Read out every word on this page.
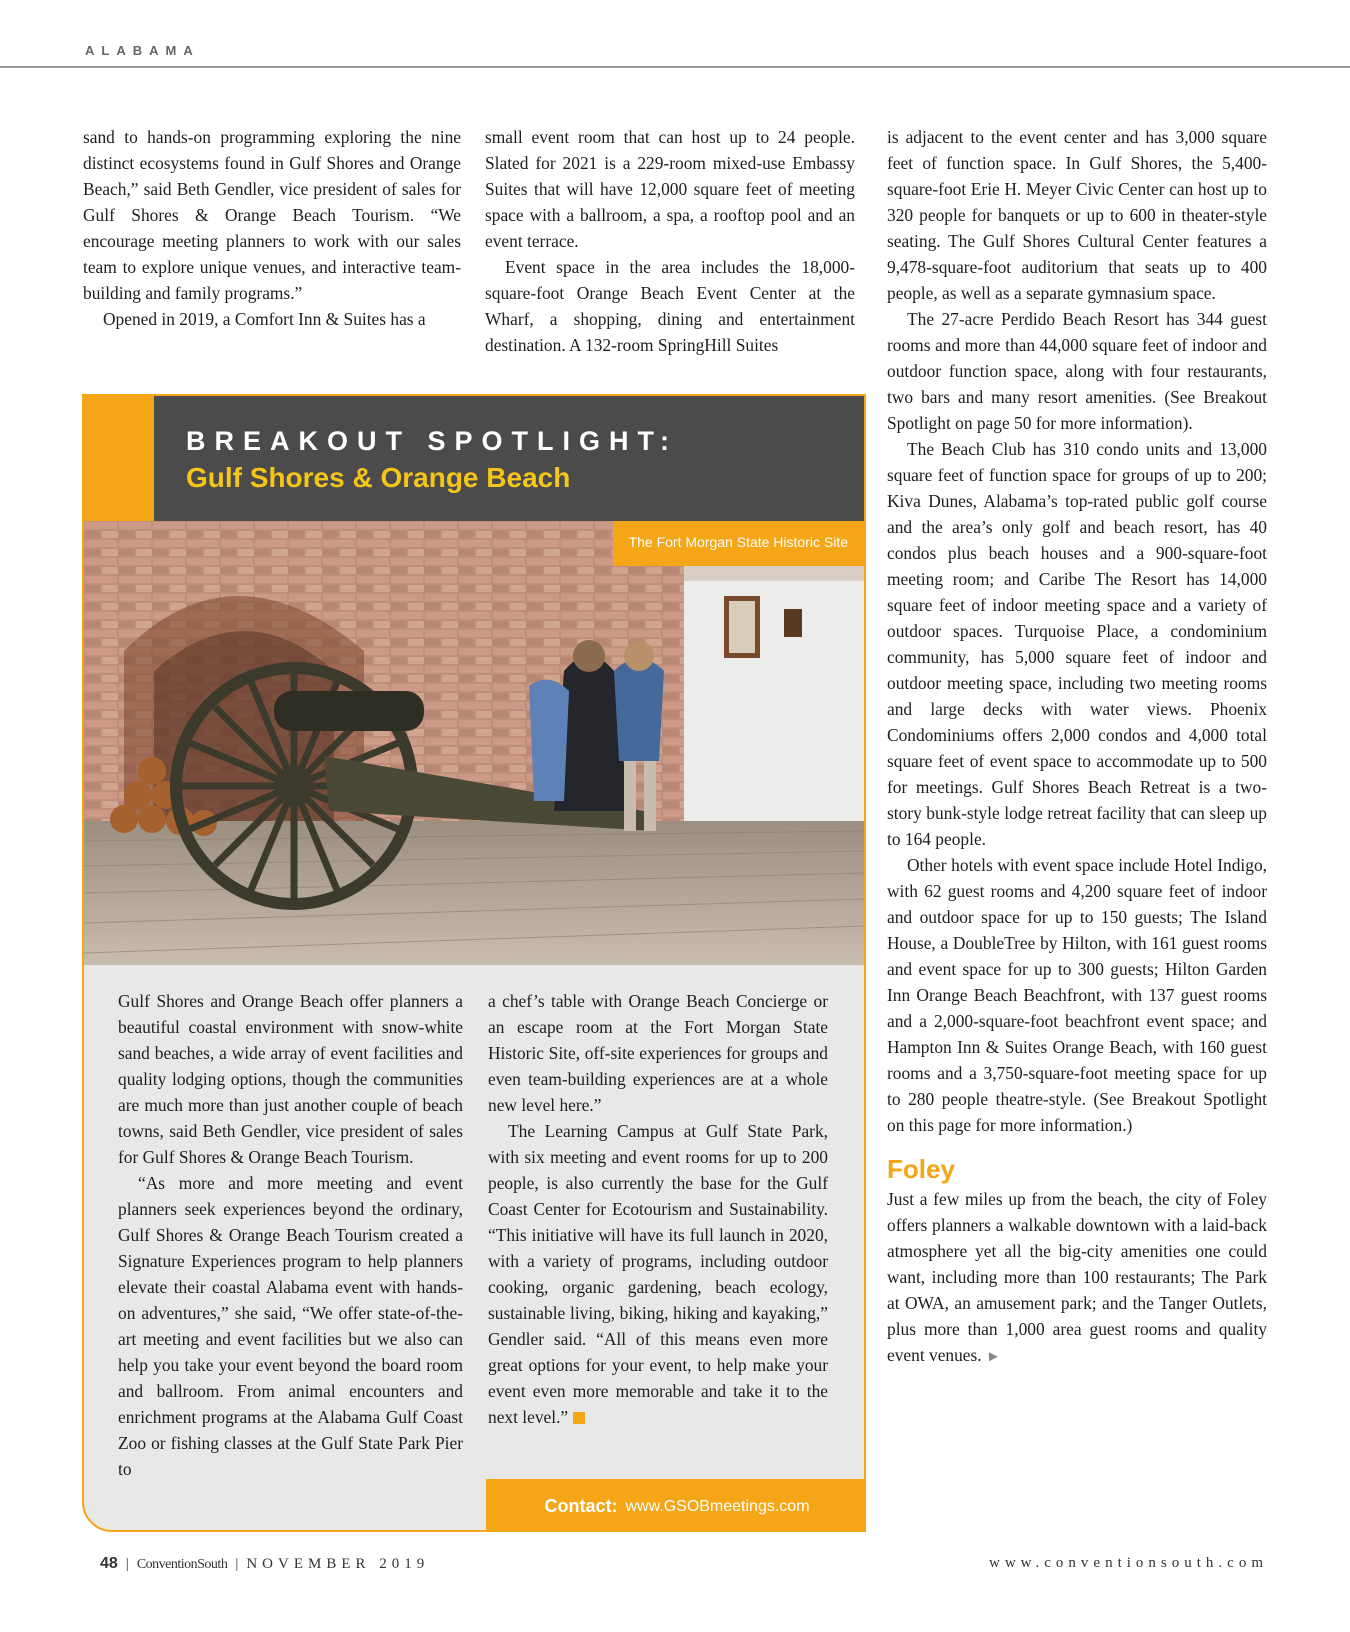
ALABAMA

sand to hands-on programming exploring the nine distinct ecosystems found in Gulf Shores and Orange Beach,” said Beth Gendler, vice president of sales for Gulf Shores & Orange Beach Tourism. “We encourage meeting planners to work with our sales team to explore unique venues, and interactive team-building and family programs.”

Opened in 2019, a Comfort Inn & Suites has a

small event room that can host up to 24 people. Slated for 2021 is a 229-room mixed-use Embassy Suites that will have 12,000 square feet of meeting space with a ballroom, a spa, a rooftop pool and an event terrace.

Event space in the area includes the 18,000-square-foot Orange Beach Event Center at the Wharf, a shopping, dining and entertainment destination. A 132-room SpringHill Suites

is adjacent to the event center and has 3,000 square feet of function space. In Gulf Shores, the 5,400-square-foot Erie H. Meyer Civic Center can host up to 320 people for banquets or up to 600 in theater-style seating. The Gulf Shores Cultural Center features a 9,478-square-foot auditorium that seats up to 400 people, as well as a separate gymnasium space.

The 27-acre Perdido Beach Resort has 344 guest rooms and more than 44,000 square feet of indoor and outdoor function space, along with four restaurants, two bars and many resort amenities. (See Breakout Spotlight on page 50 for more information).

The Beach Club has 310 condo units and 13,000 square feet of function space for groups of up to 200; Kiva Dunes, Alabama’s top-rated public golf course and the area’s only golf and beach resort, has 40 condos plus beach houses and a 900-square-foot meeting room; and Caribe The Resort has 14,000 square feet of indoor meeting space and a variety of outdoor spaces. Turquoise Place, a condominium community, has 5,000 square feet of indoor and outdoor meeting space, including two meeting rooms and large decks with water views. Phoenix Condominiums offers 2,000 condos and 4,000 total square feet of event space to accommodate up to 500 for meetings. Gulf Shores Beach Retreat is a two-story bunk-style lodge retreat facility that can sleep up to 164 people.

Other hotels with event space include Hotel Indigo, with 62 guest rooms and 4,200 square feet of indoor and outdoor space for up to 150 guests; The Island House, a DoubleTree by Hilton, with 161 guest rooms and event space for up to 300 guests; Hilton Garden Inn Orange Beach Beachfront, with 137 guest rooms and a 2,000-square-foot beachfront event space; and Hampton Inn & Suites Orange Beach, with 160 guest rooms and a 3,750-square-foot meeting space for up to 280 people theatre-style. (See Breakout Spotlight on this page for more information.)

Foley

Just a few miles up from the beach, the city of Foley offers planners a walkable downtown with a laid-back atmosphere yet all the big-city amenities one could want, including more than 100 restaurants; The Park at OWA, an amusement park; and the Tanger Outlets, plus more than 1,000 area guest rooms and quality event venues. ►

BREAKOUT SPOTLIGHT:
Gulf Shores & Orange Beach
The Fort Morgan State Historic Site

Gulf Shores and Orange Beach offer planners a beautiful coastal environment with snow-white sand beaches, a wide array of event facilities and quality lodging options, though the communities are much more than just another couple of beach towns, said Beth Gendler, vice president of sales for Gulf Shores & Orange Beach Tourism.

“As more and more meeting and event planners seek experiences beyond the ordinary, Gulf Shores & Orange Beach Tourism created a Signature Experiences program to help planners elevate their coastal Alabama event with hands-on adventures,” she said, “We offer state-of-the-art meeting and event facilities but we also can help you take your event beyond the board room and ballroom. From animal encounters and enrichment programs at the Alabama Gulf Coast Zoo or fishing classes at the Gulf State Park Pier to

a chef’s table with Orange Beach Concierge or an escape room at the Fort Morgan State Historic Site, off-site experiences for groups and even team-building experiences are at a whole new level here.”

The Learning Campus at Gulf State Park, with six meeting and event rooms for up to 200 people, is also currently the base for the Gulf Coast Center for Ecotourism and Sustainability. “This initiative will have its full launch in 2020, with a variety of programs, including outdoor cooking, organic gardening, beach ecology, sustainable living, biking, hiking and kayaking,” Gendler said. “All of this means even more great options for your event, to help make your event even more memorable and take it to the next level.”

Contact: www.GSOBmeetings.com
48 | ConventionSouth | NOVEMBER 2019	www.conventionsouth.com
